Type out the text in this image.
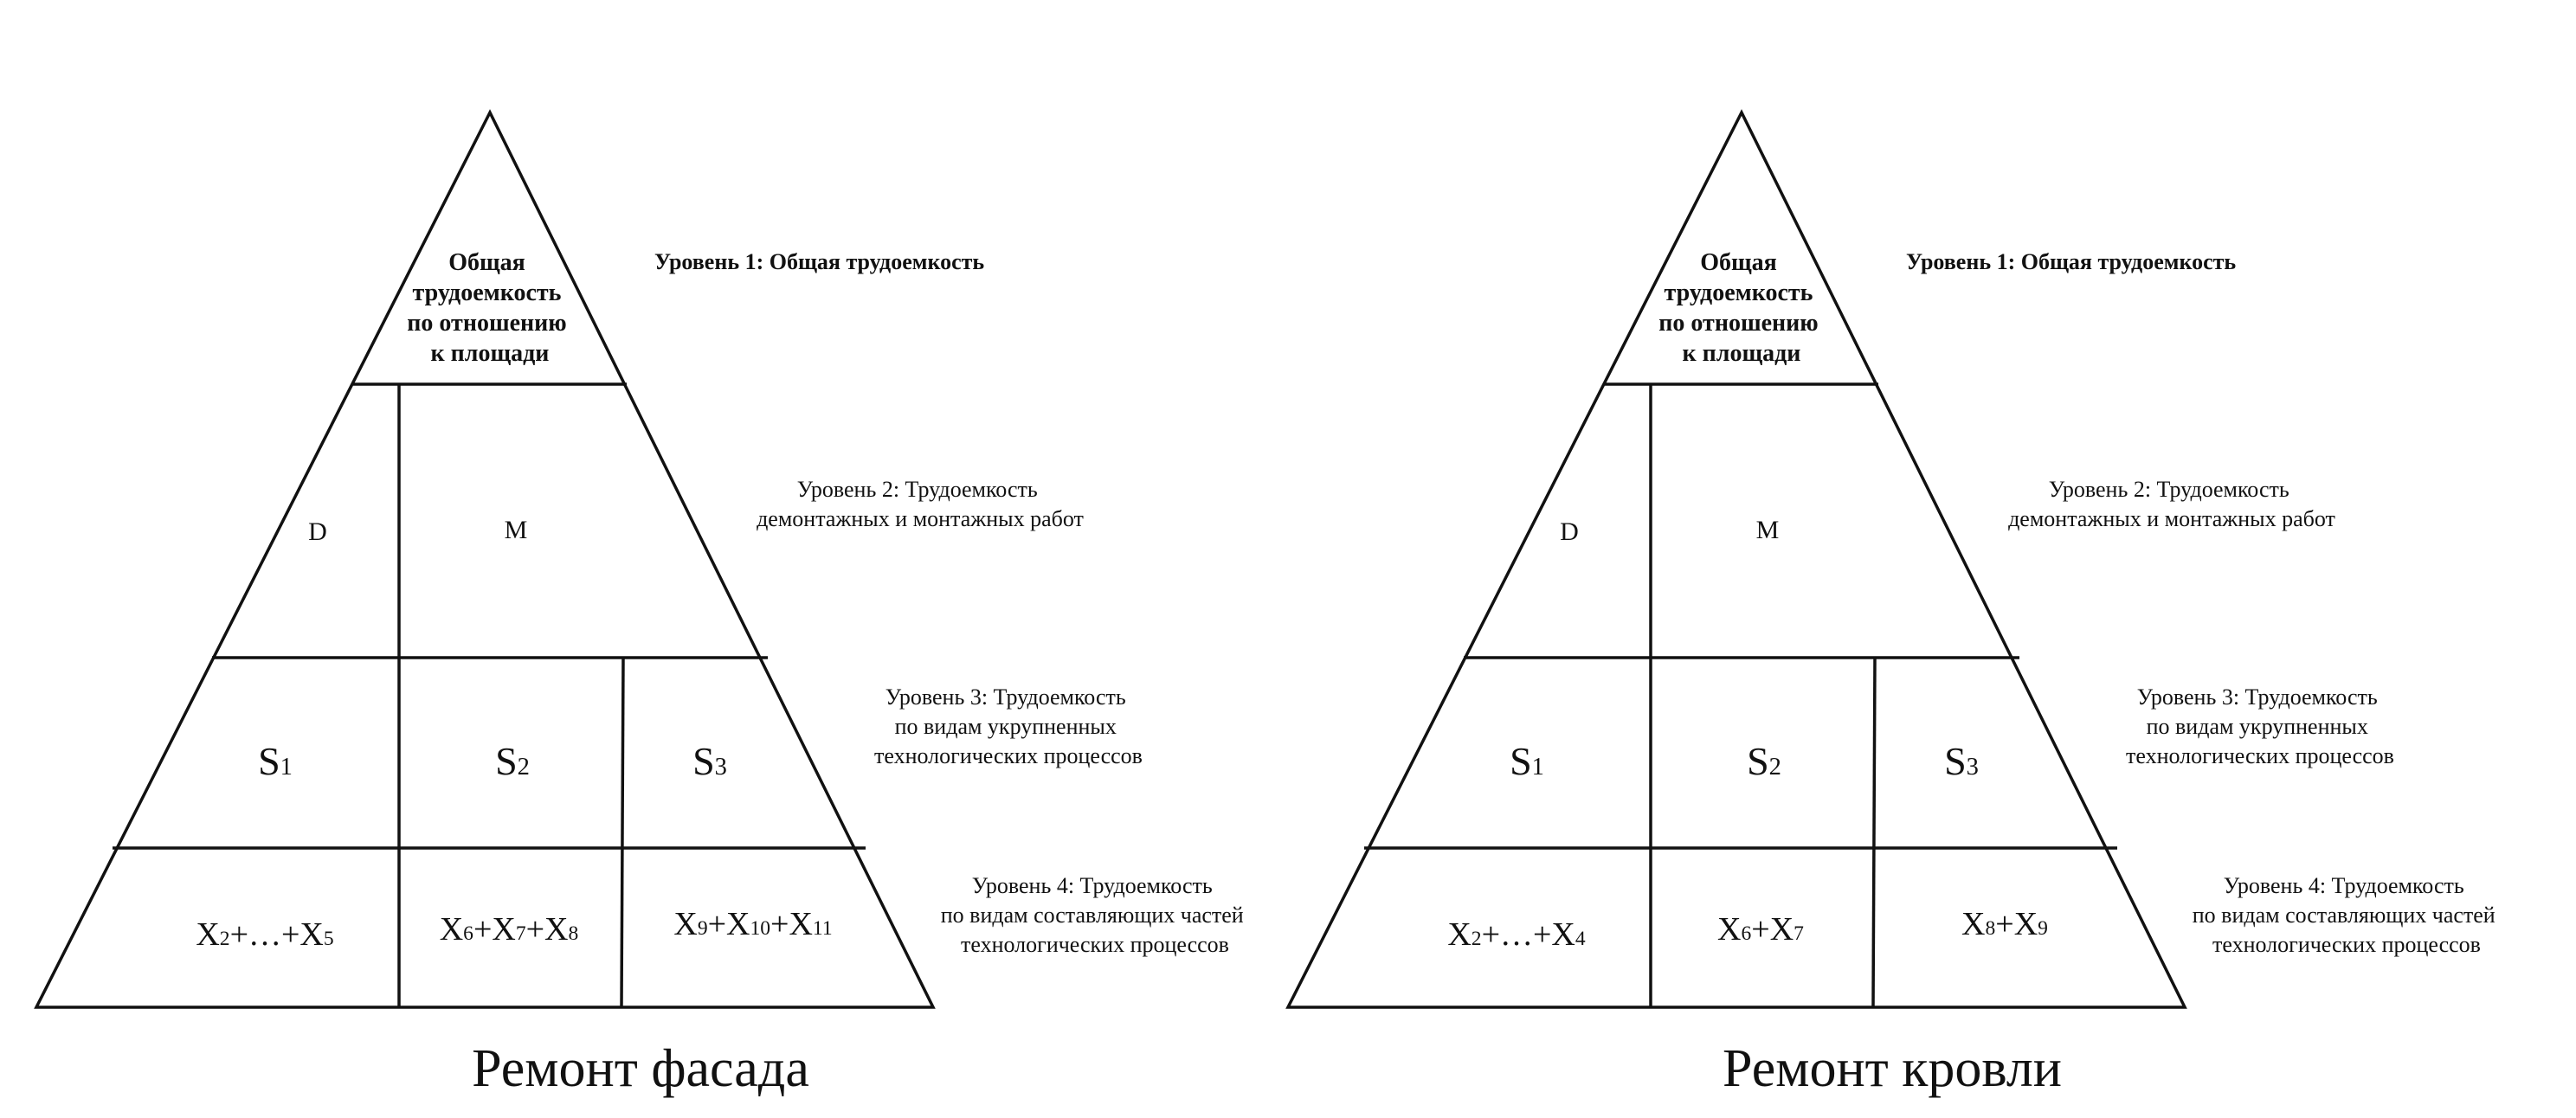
Общая трудоемкость по отношению к площади
D	M
S1	S2	S3
X2+…+X5	X6+X7+X8	X9+X10+X11
Уровень 1: Общая трудоемкость
Уровень 2: Трудоемкость демонтажных и монтажных работ
Уровень 3: Трудоемкость по видам укрупненных технологических процессов
Уровень 4: Трудоемкость по видам составляющих частей технологических процессов
Ремонт фасада
Общая трудоемкость по отношению к площади
D	M
S1	S2	S3
X2+…+X4	X6+X7	X8+X9
Уровень 1: Общая трудоемкость
Уровень 2: Трудоемкость демонтажных и монтажных работ
Уровень 3: Трудоемкость по видам укрупненных технологических процессов
Уровень 4: Трудоемкость по видам составляющих частей технологических процессов
Ремонт кровли
